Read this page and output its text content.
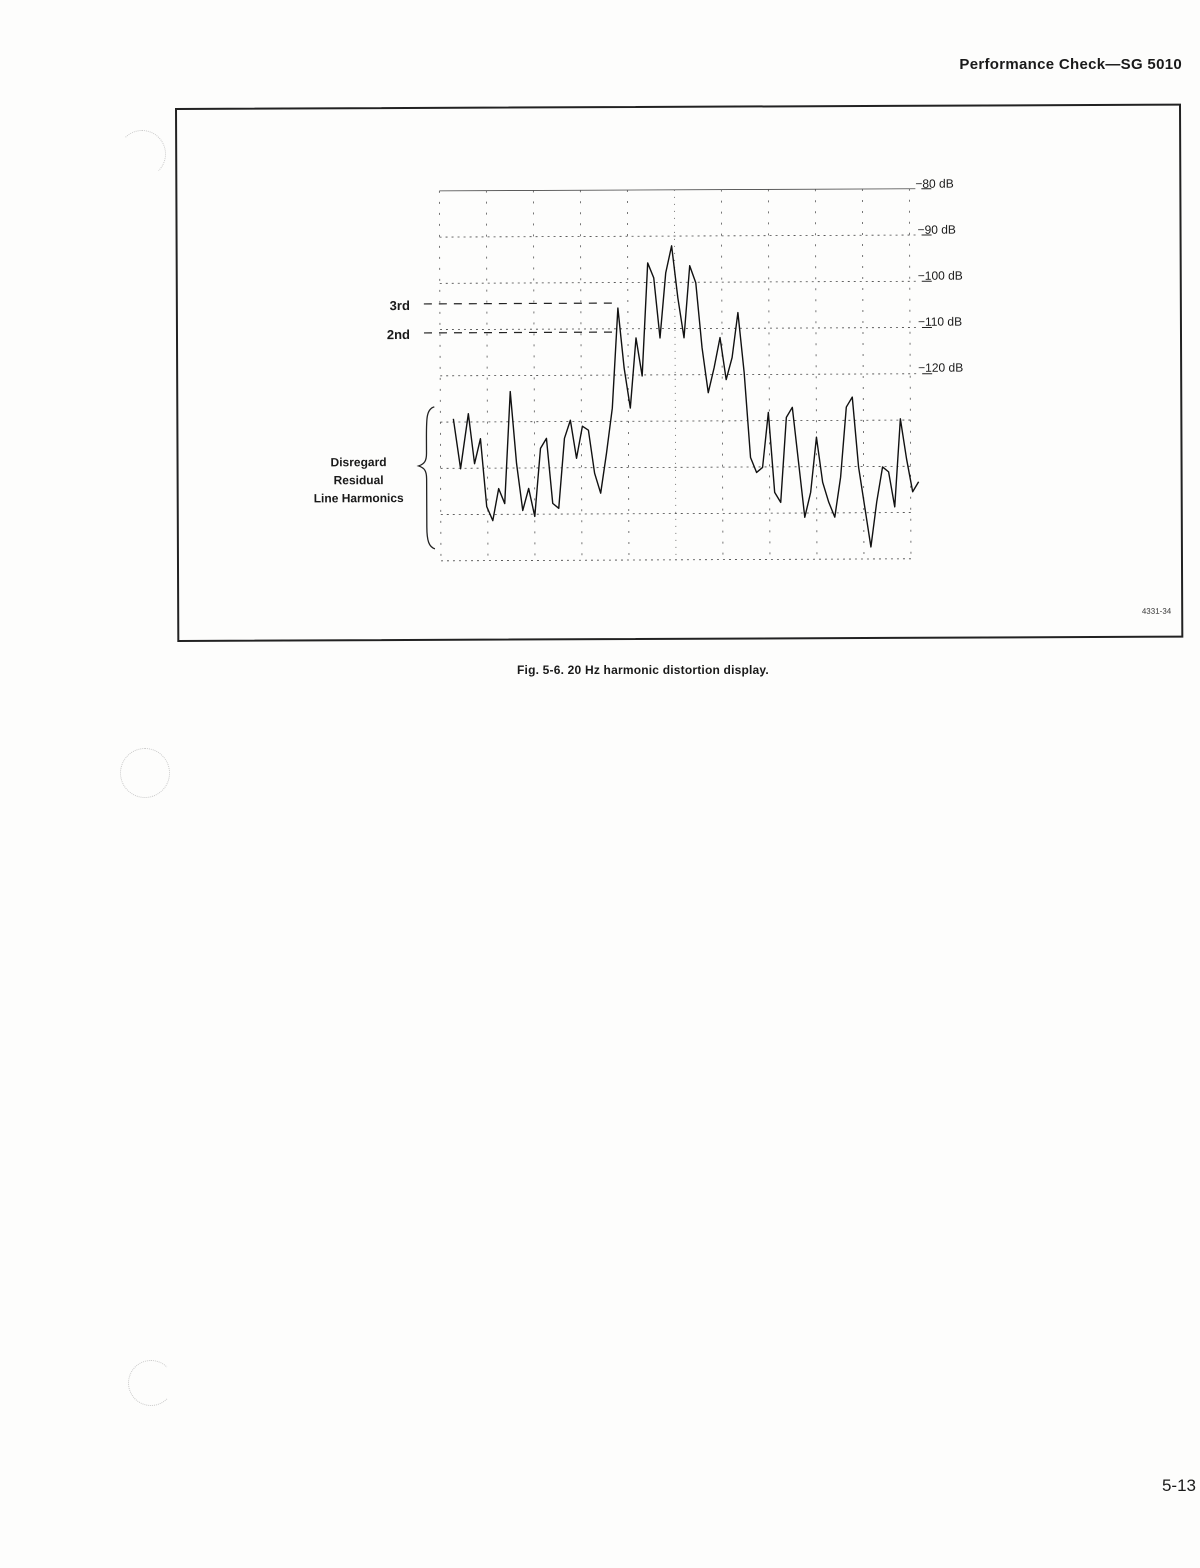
Performance Check—SG 5010
−80 dB
−90 dB
−100 dB
−110 dB
−120 dB
3rd
2nd
Disregard
Residual
Line Harmonics
4331-34
Fig. 5-6. 20 Hz harmonic distortion display.
5-13
